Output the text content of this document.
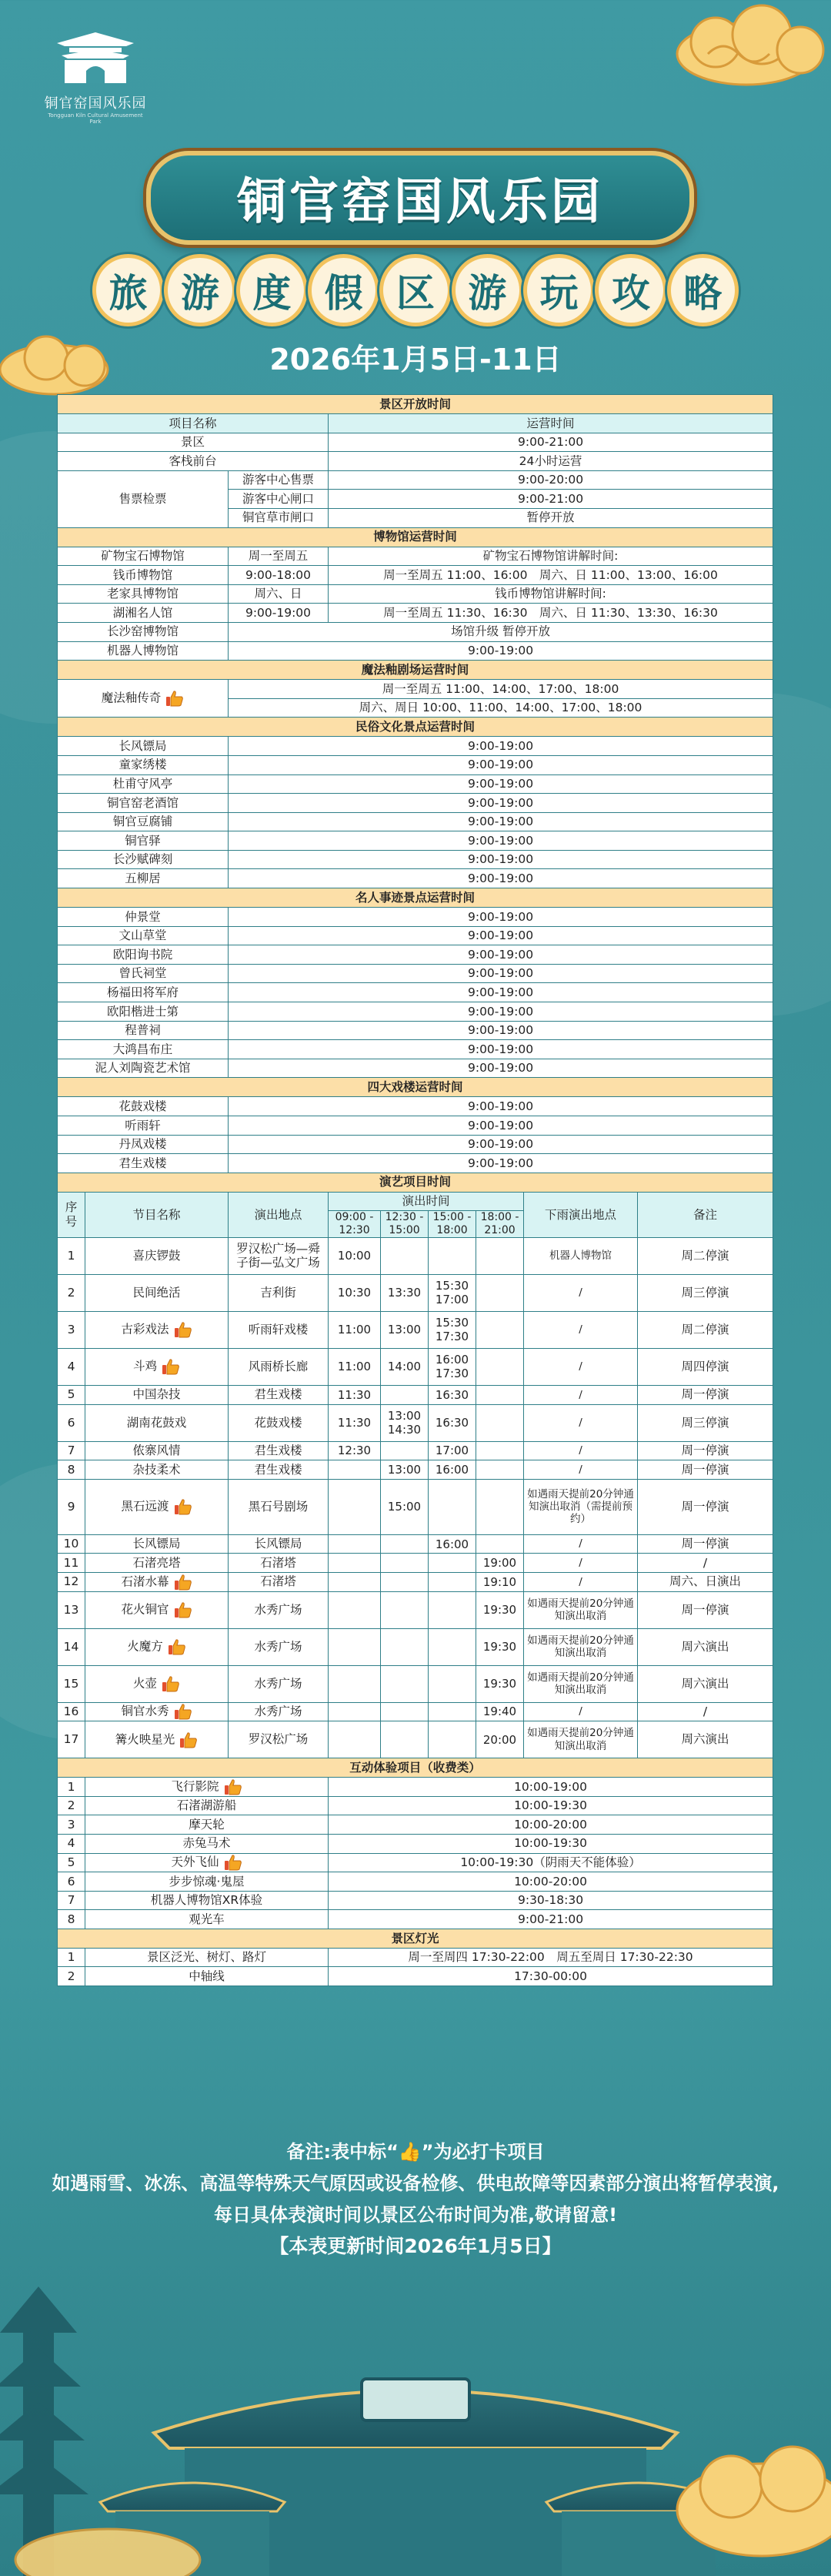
铜官窑国风乐园
Tongguan Kiln Cultural Amusement Park
铜官窑国风乐园
旅 游 度 假 区 游 玩 攻 略
2026年1月5日-11日
景区开放时间								
项目名称			运营时间					
景区			9:00-21:00					
客栈前台			24小时运营					
售票检票		游客中心售票	9:00-20:00					
		游客中心闸口	9:00-21:00					
		铜官草市闸口	暂停开放					
博物馆运营时间								
矿物宝石博物馆		周一至周五	矿物宝石博物馆讲解时间:					
钱币博物馆		9:00-18:00	周一至周五 11:00、16:00　周六、日 11:00、13:00、16:00					
老家具博物馆		周六、日	钱币博物馆讲解时间:					
湖湘名人馆		9:00-19:00	周一至周五 11:30、16:30　周六、日 11:30、13:30、16:30					
长沙窑博物馆		场馆升级 暂停开放						
机器人博物馆		9:00-19:00						
魔法釉剧场运营时间								
魔法釉传奇		周一至周五 11:00、14:00、17:00、18:00						
		周六、周日 10:00、11:00、14:00、17:00、18:00						
民俗文化景点运营时间								
长风镖局		9:00-19:00						
童家绣楼		9:00-19:00						
杜甫守风亭		9:00-19:00						
铜官窑老酒馆		9:00-19:00						
铜官豆腐铺		9:00-19:00						
铜官驿		9:00-19:00						
长沙赋碑刻		9:00-19:00						
五柳居		9:00-19:00						
名人事迹景点运营时间								
仲景堂		9:00-19:00						
文山草堂		9:00-19:00						
欧阳询书院		9:00-19:00						
曾氏祠堂		9:00-19:00						
杨福田将军府		9:00-19:00						
欧阳楷进士第		9:00-19:00						
程普祠		9:00-19:00						
大鸿昌布庄		9:00-19:00						
泥人刘陶瓷艺术馆		9:00-19:00						
四大戏楼运营时间								
花鼓戏楼		9:00-19:00						
听雨轩		9:00-19:00						
丹凤戏楼		9:00-19:00						
君生戏楼		9:00-19:00						
演艺项目时间								
序号	节目名称	演出地点	演出时间				下雨演出地点	备注
			09:00 - 12:30	12:30 - 15:00	15:00 - 18:00	18:00 - 21:00		
1	喜庆锣鼓	罗汉松广场—舜子街—弘文广场	10:00				机器人博物馆	周二停演
2	民间绝活	吉利街	10:30	13:30	15:30 17:00		/	周三停演
3	古彩戏法	听雨轩戏楼	11:00	13:00	15:30 17:30		/	周二停演
4	斗鸡	风雨桥长廊	11:00	14:00	16:00 17:30		/	周四停演
5	中国杂技	君生戏楼	11:30		16:30		/	周一停演
6	湖南花鼓戏	花鼓戏楼	11:30	13:00 14:30	16:30		/	周三停演
7	侬寨风情	君生戏楼	12:30		17:00		/	周一停演
8	杂技柔术	君生戏楼		13:00	16:00		/	周一停演
9	黑石远渡	黑石号剧场		15:00			如遇雨天提前20分钟通知演出取消（需提前预约）	周一停演
10	长风镖局	长风镖局			16:00		/	周一停演
11	石渚亮塔	石渚塔				19:00	/	/
12	石渚水幕	石渚塔				19:10	/	周六、日演出
13	花火铜官	水秀广场				19:30	如遇雨天提前20分钟通知演出取消	周一停演
14	火魔方	水秀广场				19:30	如遇雨天提前20分钟通知演出取消	周六演出
15	火壶	水秀广场				19:30	如遇雨天提前20分钟通知演出取消	周六演出
16	铜官水秀	水秀广场				19:40	/	/
17	篝火映星光	罗汉松广场				20:00	如遇雨天提前20分钟通知演出取消	周六演出
互动体验项目（收费类）								
1	飞行影院		10:00-19:00					
2	石渚湖游船		10:00-19:30					
3	摩天轮		10:00-20:00					
4	赤兔马术		10:00-19:30					
5	天外飞仙		10:00-19:30（阴雨天不能体验）					
6	步步惊魂·鬼屋		10:00-20:00					
7	机器人博物馆XR体验		9:30-18:30					
8	观光车		9:00-21:00					
景区灯光								
1	景区泛光、树灯、路灯		周一至周四 17:30-22:00　周五至周日 17:30-22:30					
2	中轴线		17:30-00:00					
备注:表中标“👍”为必打卡项目
如遇雨雪、冰冻、高温等特殊天气原因或设备检修、供电故障等因素部分演出将暂停表演,
每日具体表演时间以景区公布时间为准,敬请留意!
【本表更新时间2026年1月5日】
